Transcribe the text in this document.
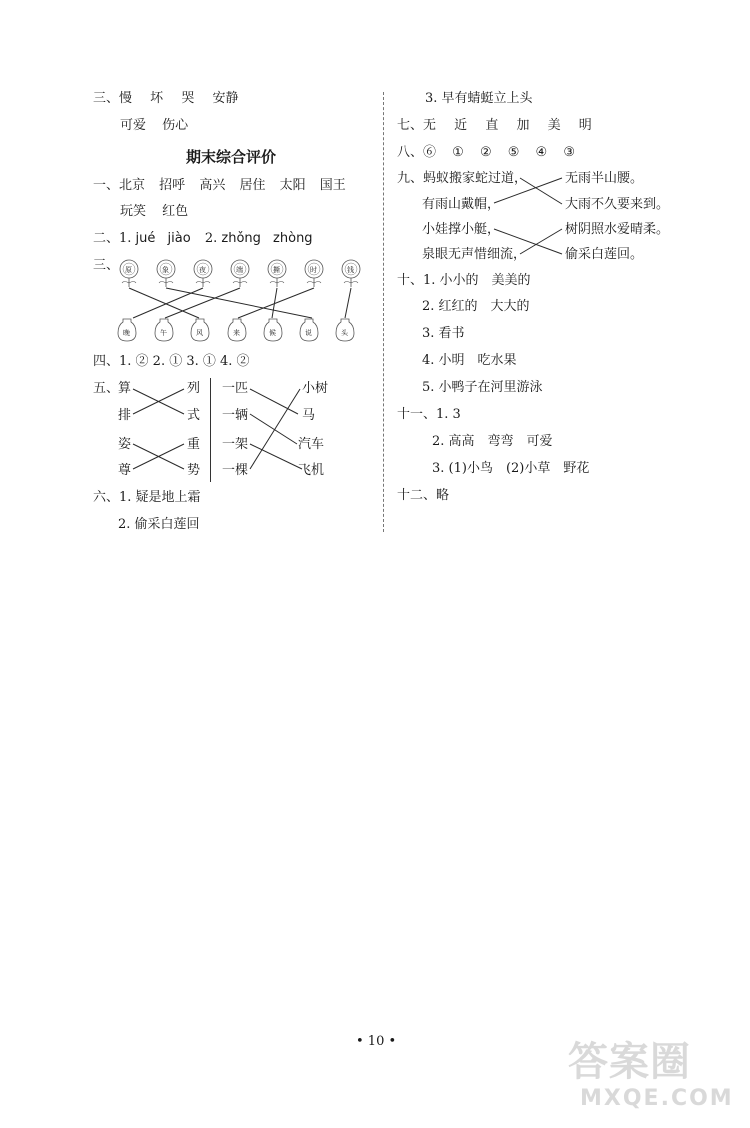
三、慢 坏 哭 安静
可爱 伤心
期末综合评价
一、北京 招呼 高兴 居住 太阳 国王
玩笑 红色
二、1. jué jiào 2. zhǒng zhòng
三、 原	象	夜	端	撕	时	钱
晚	午	风	来	候	说	头
四、1. ② 2. ① 3. ① 4. ②
五、
算
排
姿
尊
列
式
重
势
一匹
一辆
一架
一棵
小树
马
汽车
飞机
六、1. 疑是地上霜
2. 偷采白莲回
3. 早有蜻蜓立上头
七、无 近 直 加 美 明
八、⑥ ① ② ⑤ ④ ③
九、蚂蚁搬家蛇过道，
有雨山戴帽，
小娃撑小艇，
泉眼无声惜细流，
无雨半山腰。
大雨不久要来到。
树阴照水爱晴柔。
偷采白莲回。
十、1. 小小的　美美的
2. 红红的　大大的
3. 看书
4. 小明　吃水果
5. 小鸭子在河里游泳
十一、1. 3
2. 高高　弯弯　可爱
3. (1)小鸟　(2)小草　野花
十二、略
• 10 •	答案圈
MXQE.COM
